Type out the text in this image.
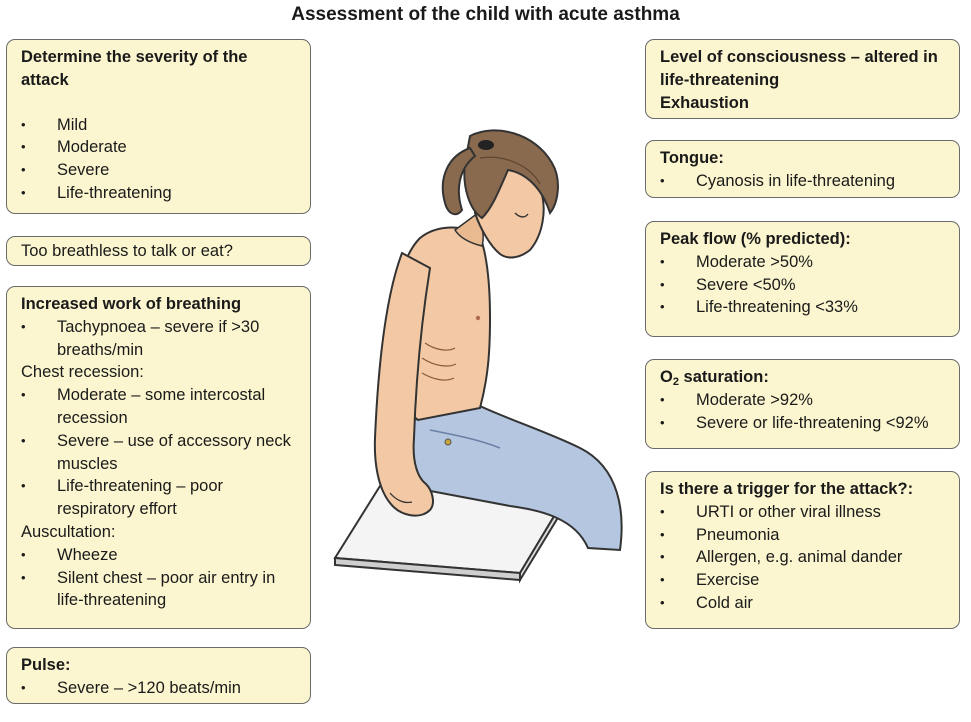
Assessment of the child with acute asthma
Determine the severity of the attack
• Mild
• Moderate
• Severe
• Life-threatening
Too breathless to talk or eat?
Increased work of breathing
• Tachypnoea – severe if >30 breaths/min
Chest recession:
• Moderate – some intercostal recession
• Severe – use of accessory neck muscles
• Life-threatening – poor respiratory effort
Auscultation:
• Wheeze
• Silent chest – poor air entry in life-threatening
Pulse:
• Severe – >120 beats/min
Level of consciousness – altered in life-threatening
Exhaustion
Tongue:
• Cyanosis in life-threatening
Peak flow (% predicted):
• Moderate >50%
• Severe <50%
• Life-threatening <33%
$O_2$ saturation:
• Moderate >92%
• Severe or life-threatening <92%
Is there a trigger for the attack?:
• URTI or other viral illness
• Pneumonia
• Allergen, e.g. animal dander
• Exercise
• Cold air
